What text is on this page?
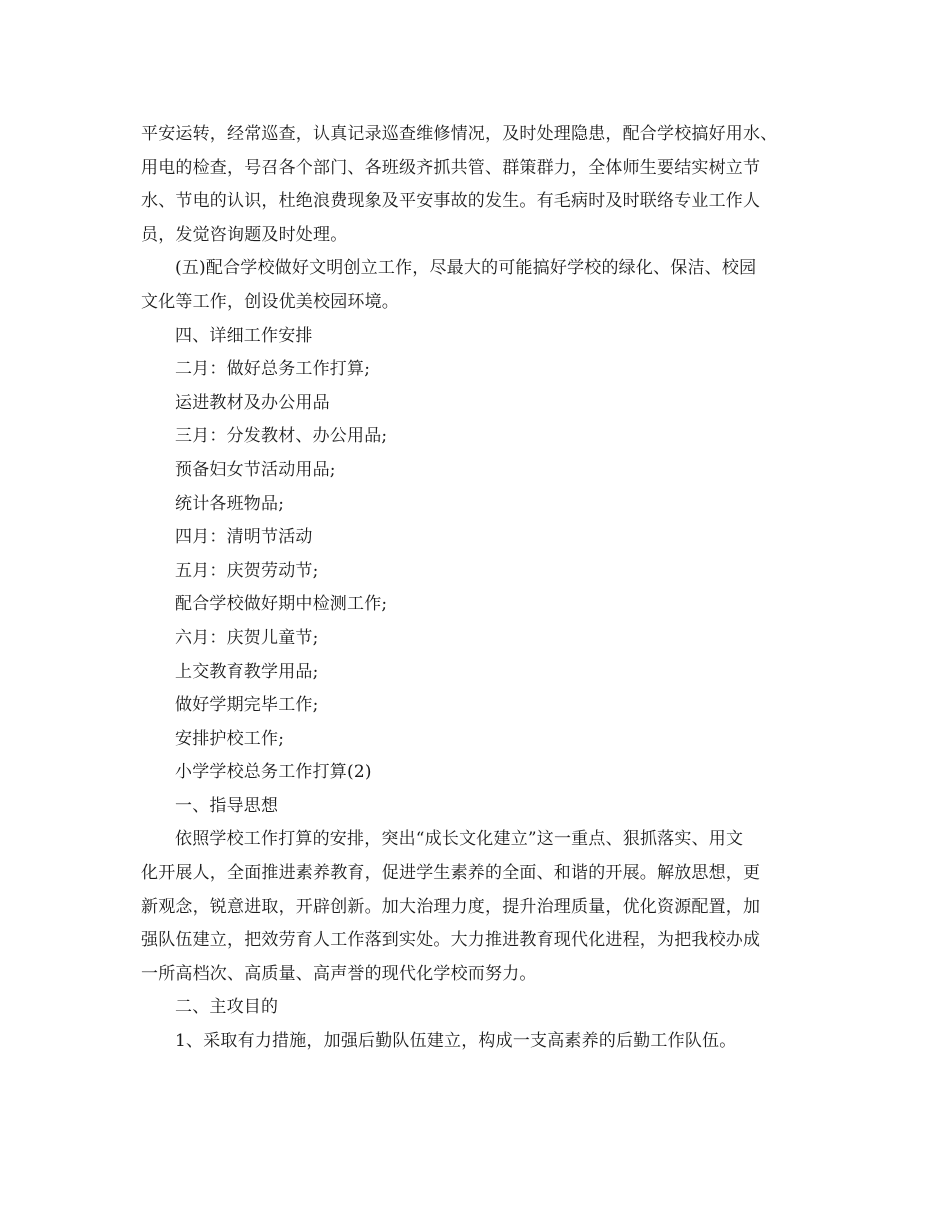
平安运转，经常巡查，认真记录巡查维修情况，及时处理隐患，配合学校搞好用水、
用电的检查，号召各个部门、各班级齐抓共管、群策群力，全体师生要结实树立节
水、节电的认识，杜绝浪费现象及平安事故的发生。有毛病时及时联络专业工作人
员，发觉咨询题及时处理。
(五)配合学校做好文明创立工作，尽最大的可能搞好学校的绿化、保洁、校园
文化等工作，创设优美校园环境。
四、详细工作安排
二月：做好总务工作打算;
运进教材及办公用品
三月：分发教材、办公用品;
预备妇女节活动用品;
统计各班物品;
四月：清明节活动
五月：庆贺劳动节;
配合学校做好期中检测工作;
六月：庆贺儿童节;
上交教育教学用品;
做好学期完毕工作;
安排护校工作;
小学学校总务工作打算(2)
一、指导思想
依照学校工作打算的安排，突出“成长文化建立”这一重点、狠抓落实、用文
化开展人，全面推进素养教育，促进学生素养的全面、和谐的开展。解放思想，更
新观念，锐意进取，开辟创新。加大治理力度，提升治理质量，优化资源配置，加
强队伍建立，把效劳育人工作落到实处。大力推进教育现代化进程，为把我校办成
一所高档次、高质量、高声誉的现代化学校而努力。
二、主攻目的
1、采取有力措施，加强后勤队伍建立，构成一支高素养的后勤工作队伍。
